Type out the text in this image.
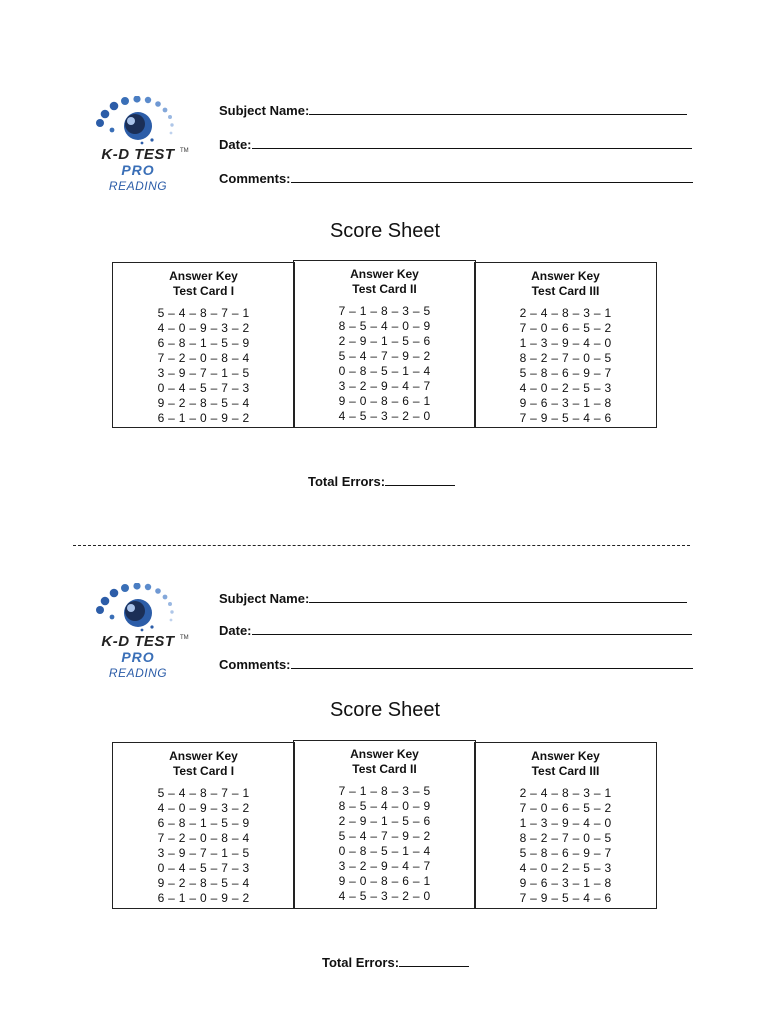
K-D TEST TM
PRO
READING
Subject Name:
Date:
Comments:
Score Sheet
Answer Key
Test Card I
5 – 4 – 8 – 7 – 1
4 – 0 – 9 – 3 – 2
6 – 8 – 1 – 5 – 9
7 – 2 – 0 – 8 – 4
3 – 9 – 7 – 1 – 5
0 – 4 – 5 – 7 – 3
9 – 2 – 8 – 5 – 4
6 – 1 – 0 – 9 – 2
Answer Key
Test Card II
7 – 1 – 8 – 3 – 5
8 – 5 – 4 – 0 – 9
2 – 9 – 1 – 5 – 6
5 – 4 – 7 – 9 – 2
0 – 8 – 5 – 1 – 4
3 – 2 – 9 – 4 – 7
9 – 0 – 8 – 6 – 1
4 – 5 – 3 – 2 – 0
Answer Key
Test Card III
2 – 4 – 8 – 3 – 1
7 – 0 – 6 – 5 – 2
1 – 3 – 9 – 4 – 0
8 – 2 – 7 – 0 – 5
5 – 8 – 6 – 9 – 7
4 – 0 – 2 – 5 – 3
9 – 6 – 3 – 1 – 8
7 – 9 – 5 – 4 – 6
Total Errors:
K-D TEST TM
PRO
READING
Subject Name:
Date:
Comments:
Score Sheet
Answer Key
Test Card I
5 – 4 – 8 – 7 – 1
4 – 0 – 9 – 3 – 2
6 – 8 – 1 – 5 – 9
7 – 2 – 0 – 8 – 4
3 – 9 – 7 – 1 – 5
0 – 4 – 5 – 7 – 3
9 – 2 – 8 – 5 – 4
6 – 1 – 0 – 9 – 2
Answer Key
Test Card II
7 – 1 – 8 – 3 – 5
8 – 5 – 4 – 0 – 9
2 – 9 – 1 – 5 – 6
5 – 4 – 7 – 9 – 2
0 – 8 – 5 – 1 – 4
3 – 2 – 9 – 4 – 7
9 – 0 – 8 – 6 – 1
4 – 5 – 3 – 2 – 0
Answer Key
Test Card III
2 – 4 – 8 – 3 – 1
7 – 0 – 6 – 5 – 2
1 – 3 – 9 – 4 – 0
8 – 2 – 7 – 0 – 5
5 – 8 – 6 – 9 – 7
4 – 0 – 2 – 5 – 3
9 – 6 – 3 – 1 – 8
7 – 9 – 5 – 4 – 6
Total Errors:
